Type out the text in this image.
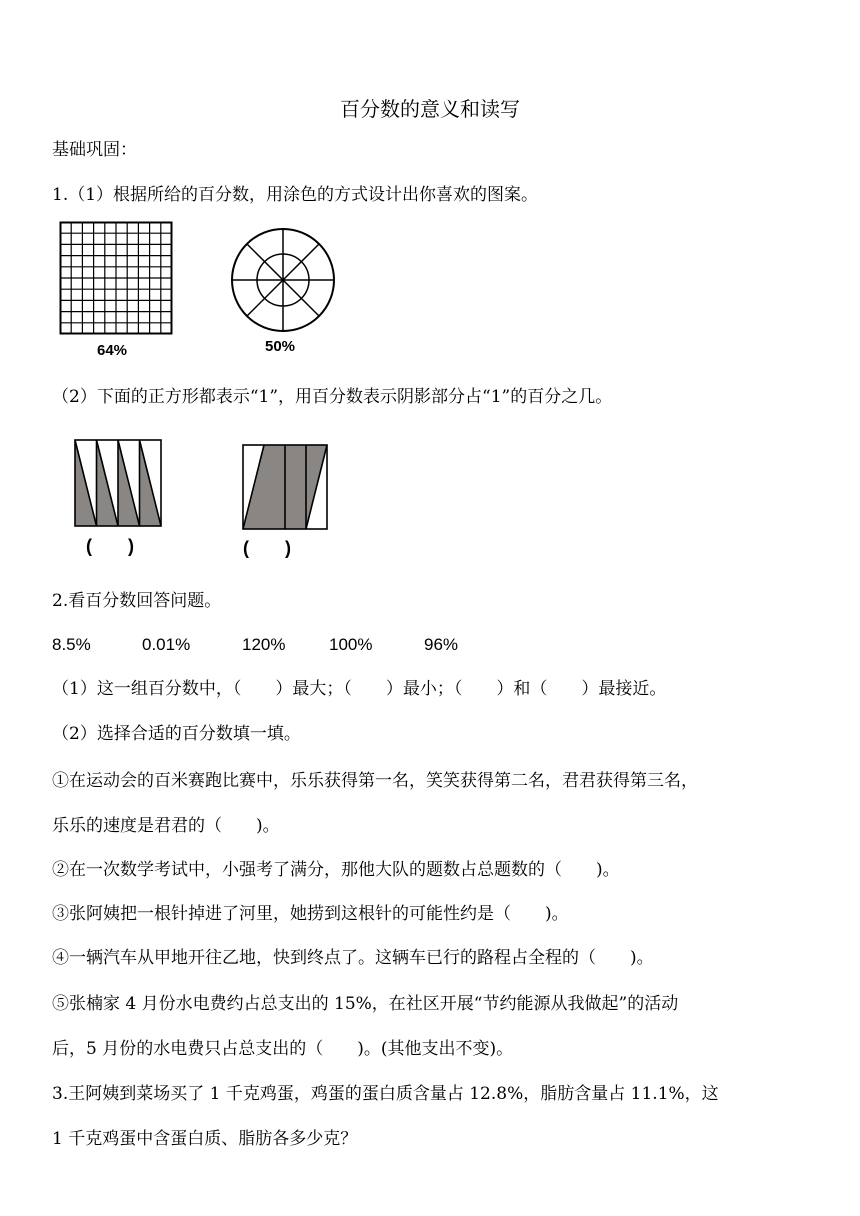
百分数的意义和读写
基础巩固：
1.（1）根据所给的百分数，用涂色的方式设计出你喜欢的图案。
64%	50%
（2）下面的正方形都表示“1”，用百分数表示阴影部分占“1”的百分之几。
(　　)	(　　)
2.看百分数回答问题。
8.5%	0.01%	120%	100%	96%
（1）这一组百分数中，（　　）最大；（　　）最小；（　　）和（　　）最接近。
（2）选择合适的百分数填一填。
①在运动会的百米赛跑比赛中，乐乐获得第一名，笑笑获得第二名，君君获得第三名，
乐乐的速度是君君的（　　)。
②在一次数学考试中，小强考了满分，那他大队的题数占总题数的（　　)。
③张阿姨把一根针掉进了河里，她捞到这根针的可能性约是（　　)。
④一辆汽车从甲地开往乙地，快到终点了。这辆车已行的路程占全程的（　　)。
⑤张楠家 4 月份水电费约占总支出的 15%，在社区开展“节约能源从我做起”的活动
后，5 月份的水电费只占总支出的（　　)。(其他支出不变)。
3.王阿姨到菜场买了 1 千克鸡蛋，鸡蛋的蛋白质含量占 12.8%，脂肪含量占 11.1%，这
1 千克鸡蛋中含蛋白质、脂肪各多少克？
